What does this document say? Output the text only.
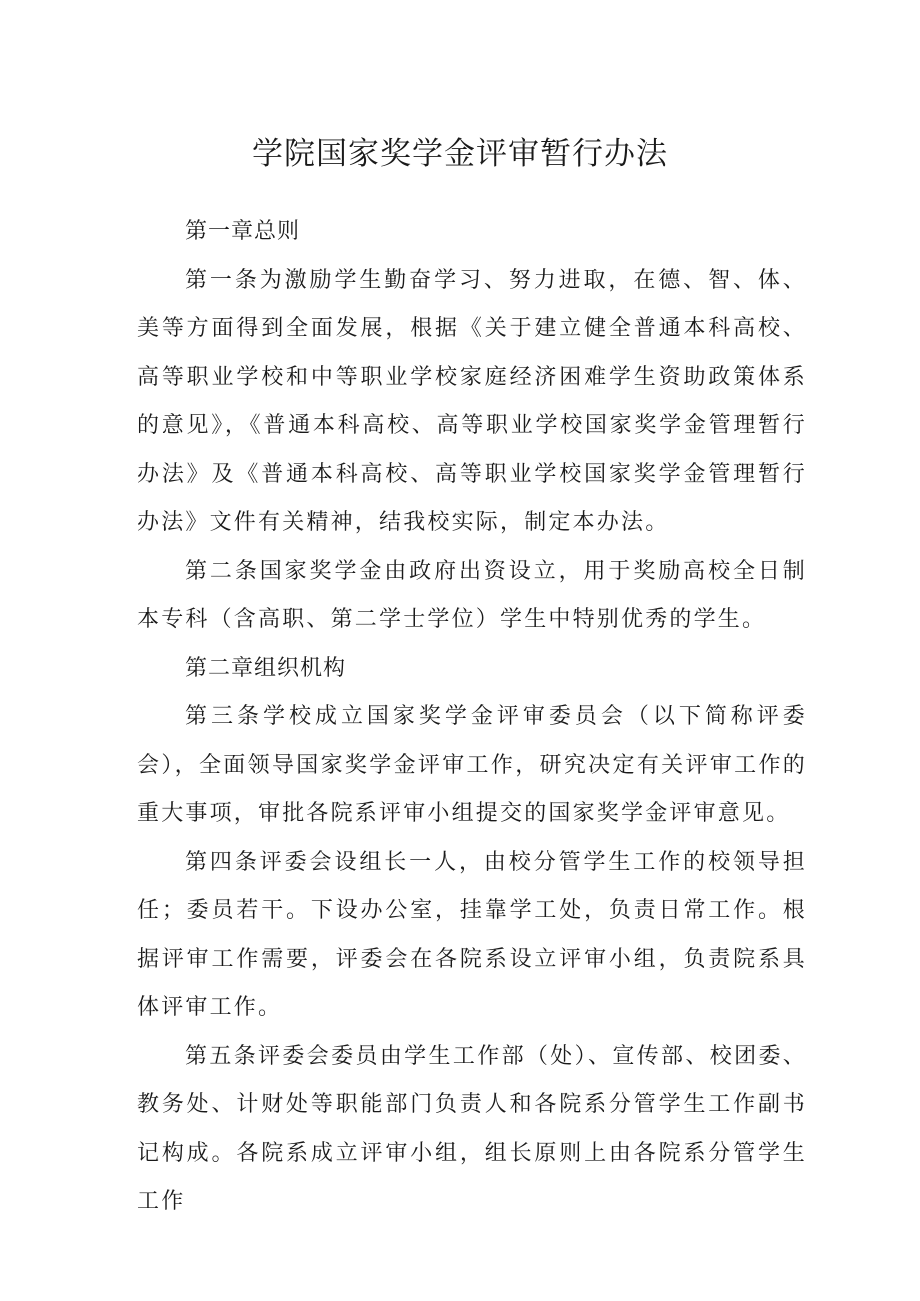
学院国家奖学金评审暂行办法

第一章总则

第一条为激励学生勤奋学习、努力进取，在德、智、体、美等方面得到全面发展，根据《关于建立健全普通本科高校、高等职业学校和中等职业学校家庭经济困难学生资助政策体系的意见》，《普通本科高校、高等职业学校国家奖学金管理暂行办法》及《普通本科高校、高等职业学校国家奖学金管理暂行办法》文件有关精神，结我校实际，制定本办法。

第二条国家奖学金由政府出资设立，用于奖励高校全日制本专科（含高职、第二学士学位）学生中特别优秀的学生。

第二章组织机构

第三条学校成立国家奖学金评审委员会（以下简称评委会），全面领导国家奖学金评审工作，研究决定有关评审工作的重大事项，审批各院系评审小组提交的国家奖学金评审意见。

第四条评委会设组长一人，由校分管学生工作的校领导担任；委员若干。下设办公室，挂靠学工处，负责日常工作。根据评审工作需要，评委会在各院系设立评审小组，负责院系具体评审工作。

第五条评委会委员由学生工作部（处）、宣传部、校团委、教务处、计财处等职能部门负责人和各院系分管学生工作副书记构成。各院系成立评审小组，组长原则上由各院系分管学生工作
